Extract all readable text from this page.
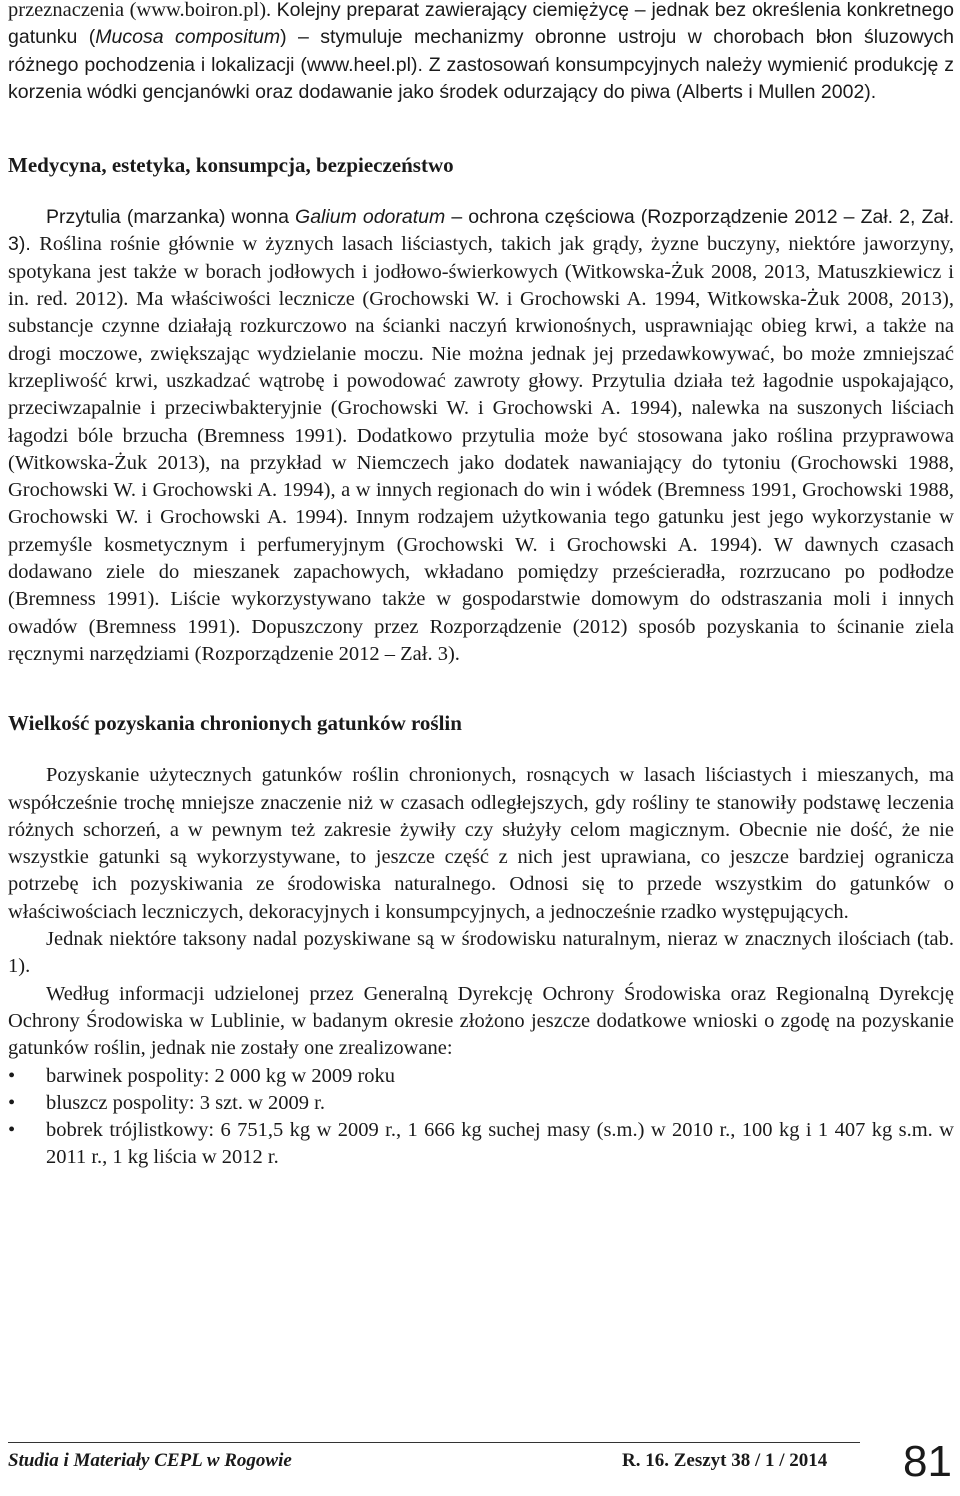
przeznaczenia (www.boiron.pl). Kolejny preparat zawierający ciemiężycę – jednak bez określenia konkretnego gatunku (Mucosa compositum) – stymuluje mechanizmy obronne ustroju w chorobach błon śluzowych różnego pochodzenia i lokalizacji (www.heel.pl). Z zastosowań konsumpcyjnych należy wymienić produkcję z korzenia wódki gencjanówki oraz dodawanie jako środek odurzający do piwa (Alberts i Mullen 2002).

Medycyna, estetyka, konsumpcja, bezpieczeństwo

Przytulia (marzanka) wonna Galium odoratum – ochrona częściowa (Rozporządzenie 2012 – Zał. 2, Zał. 3). Roślina rośnie głównie w żyznych lasach liściastych, takich jak grądy, żyzne buczyny, niektóre jaworzyny, spotykana jest także w borach jodłowych i jodłowo-świerkowych (Witkowska-Żuk 2008, 2013, Matuszkiewicz i in. red. 2012). Ma właściwości lecznicze (Grochowski W. i Grochowski A. 1994, Witkowska-Żuk 2008, 2013), substancje czynne działają rozkurczowo na ścianki naczyń krwionośnych, usprawniając obieg krwi, a także na drogi moczowe, zwiększając wydzielanie moczu. Nie można jednak jej przedawkowywać, bo może zmniejszać krzepliwość krwi, uszkadzać wątrobę i powodować zawroty głowy. Przytulia działa też łagodnie uspokajająco, przeciwzapalnie i przeciwbakteryjnie (Grochowski W. i Grochowski A. 1994), nalewka na suszonych liściach łagodzi bóle brzucha (Bremness 1991). Dodatkowo przytulia może być stosowana jako roślina przyprawowa (Witkowska-Żuk 2013), na przykład w Niemczech jako dodatek nawaniający do tytoniu (Grochowski 1988, Grochowski W. i Grochowski A. 1994), a w innych regionach do win i wódek (Bremness 1991, Grochowski 1988, Grochowski W. i Grochowski A. 1994). Innym rodzajem użytkowania tego gatunku jest jego wykorzystanie w przemyśle kosmetycznym i perfumeryjnym (Grochowski W. i Grochowski A. 1994). W dawnych czasach dodawano ziele do mieszanek zapachowych, wkładano pomiędzy prześcieradła, rozrzucano po podłodze (Bremness 1991). Liście wykorzystywano także w gospodarstwie domowym do odstraszania moli i innych owadów (Bremness 1991). Dopuszczony przez Rozporządzenie (2012) sposób pozyskania to ścinanie ziela ręcznymi narzędziami (Rozporządzenie 2012 – Zał. 3).

Wielkość pozyskania chronionych gatunków roślin

Pozyskanie użytecznych gatunków roślin chronionych, rosnących w lasach liściastych i mieszanych, ma współcześnie trochę mniejsze znaczenie niż w czasach odległejszych, gdy rośliny te stanowiły podstawę leczenia różnych schorzeń, a w pewnym też zakresie żywiły czy służyły celom magicznym. Obecnie nie dość, że nie wszystkie gatunki są wykorzystywane, to jeszcze część z nich jest uprawiana, co jeszcze bardziej ogranicza potrzebę ich pozyskiwania ze środowiska naturalnego. Odnosi się to przede wszystkim do gatunków o właściwościach leczniczych, dekoracyjnych i konsumpcyjnych, a jednocześnie rzadko występujących.

Jednak niektóre taksony nadal pozyskiwane są w środowisku naturalnym, nieraz w znacznych ilościach (tab. 1).

Według informacji udzielonej przez Generalną Dyrekcję Ochrony Środowiska oraz Regionalną Dyrekcję Ochrony Środowiska w Lublinie, w badanym okresie złożono jeszcze dodatkowe wnioski o zgodę na pozyskanie gatunków roślin, jednak nie zostały one zrealizowane:

• barwinek pospolity: 2 000 kg w 2009 roku
• bluszcz pospolity: 3 szt. w 2009 r.
• bobrek trójlistkowy: 6 751,5 kg w 2009 r., 1 666 kg suchej masy (s.m.) w 2010 r., 100 kg i 1 407 kg s.m. w 2011 r., 1 kg liścia w 2012 r.
Studia i Materiały CEPL w Rogowie	R. 16. Zeszyt 38 / 1 / 2014 81
